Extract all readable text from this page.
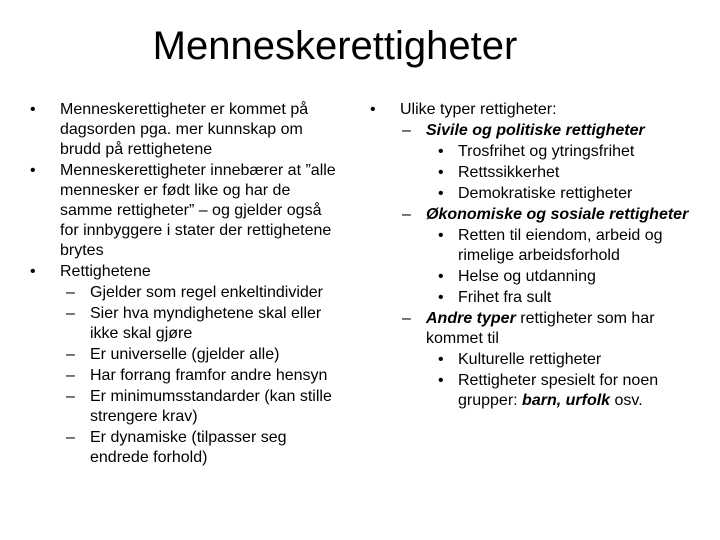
Menneskerettigheter
• Menneskerettigheter er kommet på dagsorden pga. mer kunnskap om brudd på rettighetene
• Menneskerettigheter innebærer at ”alle mennesker er født like og har de samme rettigheter” – og gjelder også for innbyggere i stater der rettighetene brytes
• Rettighetene
– Gjelder som regel enkeltindivider
– Sier hva myndighetene skal eller ikke skal gjøre
– Er universelle (gjelder alle)
– Har forrang framfor andre hensyn
– Er minimumsstandarder (kan stille strengere krav)
– Er dynamiske (tilpasser seg endrede forhold)
• Ulike typer rettigheter:
– Sivile og politiske rettigheter
• Trosfrihet og ytringsfrihet
• Rettssikkerhet
• Demokratiske rettigheter
– Økonomiske og sosiale rettigheter
• Retten til eiendom, arbeid og rimelige arbeidsforhold
• Helse og utdanning
• Frihet fra sult
– Andre typer rettigheter som har kommet til
• Kulturelle rettigheter
• Rettigheter spesielt for noen grupper: barn, urfolk osv.
